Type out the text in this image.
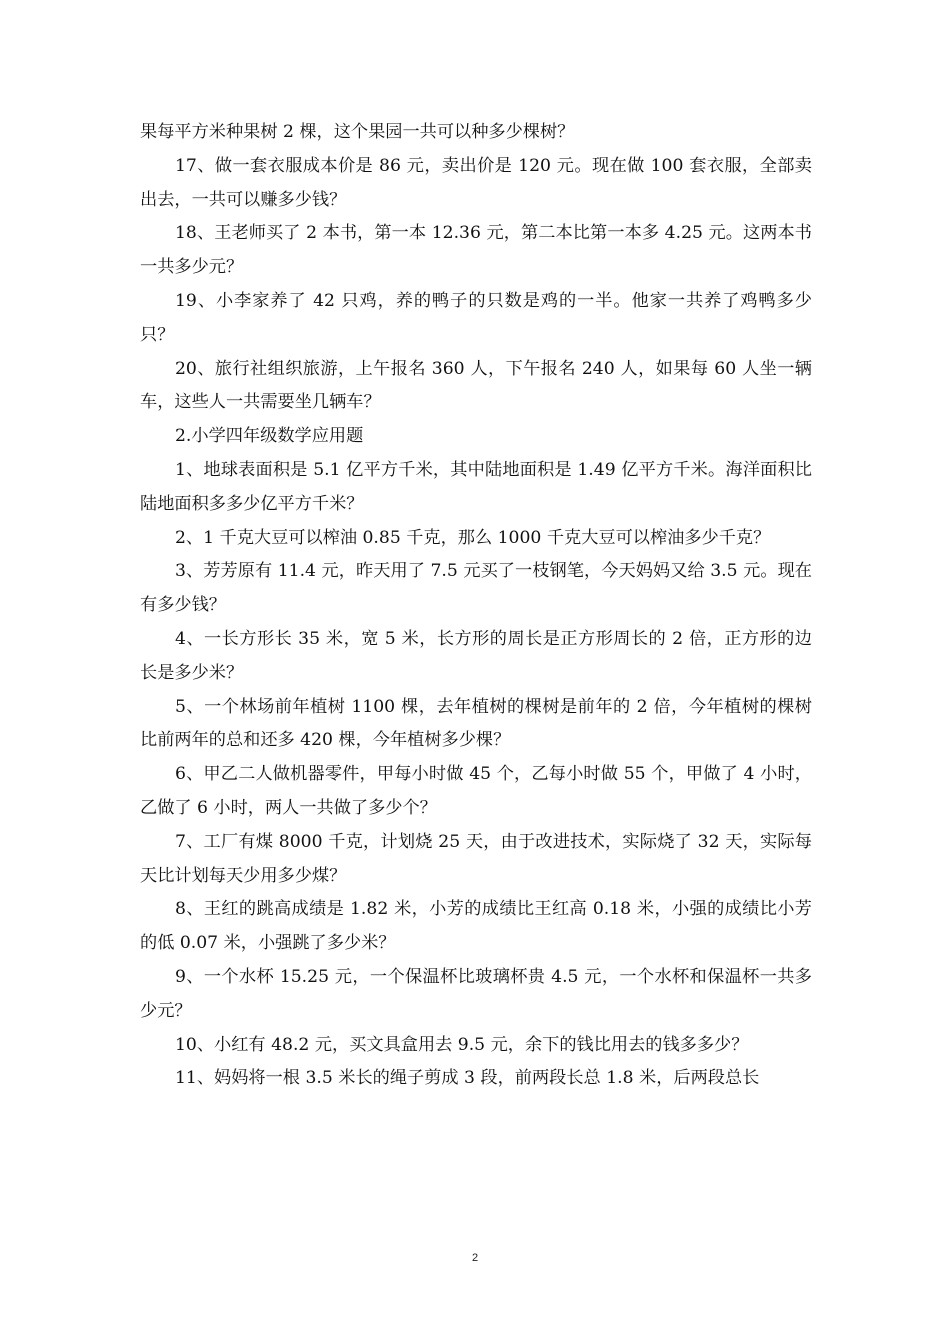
果每平方米种果树 2 棵，这个果园一共可以种多少棵树？

17、做一套衣服成本价是 86 元，卖出价是 120 元。现在做 100 套衣服，全部卖出去，一共可以赚多少钱？

18、王老师买了 2 本书，第一本 12.36 元，第二本比第一本多 4.25 元。这两本书一共多少元？

19、小李家养了 42 只鸡，养的鸭子的只数是鸡的一半。他家一共养了鸡鸭多少只？

20、旅行社组织旅游，上午报名 360 人，下午报名 240 人，如果每 60 人坐一辆车，这些人一共需要坐几辆车？

2.小学四年级数学应用题

1、地球表面积是 5.1 亿平方千米，其中陆地面积是 1.49 亿平方千米。海洋面积比陆地面积多多少亿平方千米？

2、1 千克大豆可以榨油 0.85 千克，那么 1000 千克大豆可以榨油多少千克？

3、芳芳原有 11.4 元，昨天用了 7.5 元买了一枝钢笔，今天妈妈又给 3.5 元。现在有多少钱？

4、一长方形长 35 米，宽 5 米，长方形的周长是正方形周长的 2 倍，正方形的边长是多少米？

5、一个林场前年植树 1100 棵，去年植树的棵树是前年的 2 倍，今年植树的棵树比前两年的总和还多 420 棵，今年植树多少棵？

6、甲乙二人做机器零件，甲每小时做 45 个，乙每小时做 55 个，甲做了 4 小时，乙做了 6 小时，两人一共做了多少个？

7、工厂有煤 8000 千克，计划烧 25 天，由于改进技术，实际烧了 32 天，实际每天比计划每天少用多少煤？

8、王红的跳高成绩是 1.82 米，小芳的成绩比王红高 0.18 米，小强的成绩比小芳的低 0.07 米，小强跳了多少米？

9、一个水杯 15.25 元，一个保温杯比玻璃杯贵 4.5 元，一个水杯和保温杯一共多少元？

10、小红有 48.2 元，买文具盒用去 9.5 元，余下的钱比用去的钱多多少？

11、妈妈将一根 3.5 米长的绳子剪成 3 段，前两段长总 1.8 米，后两段总长

2
